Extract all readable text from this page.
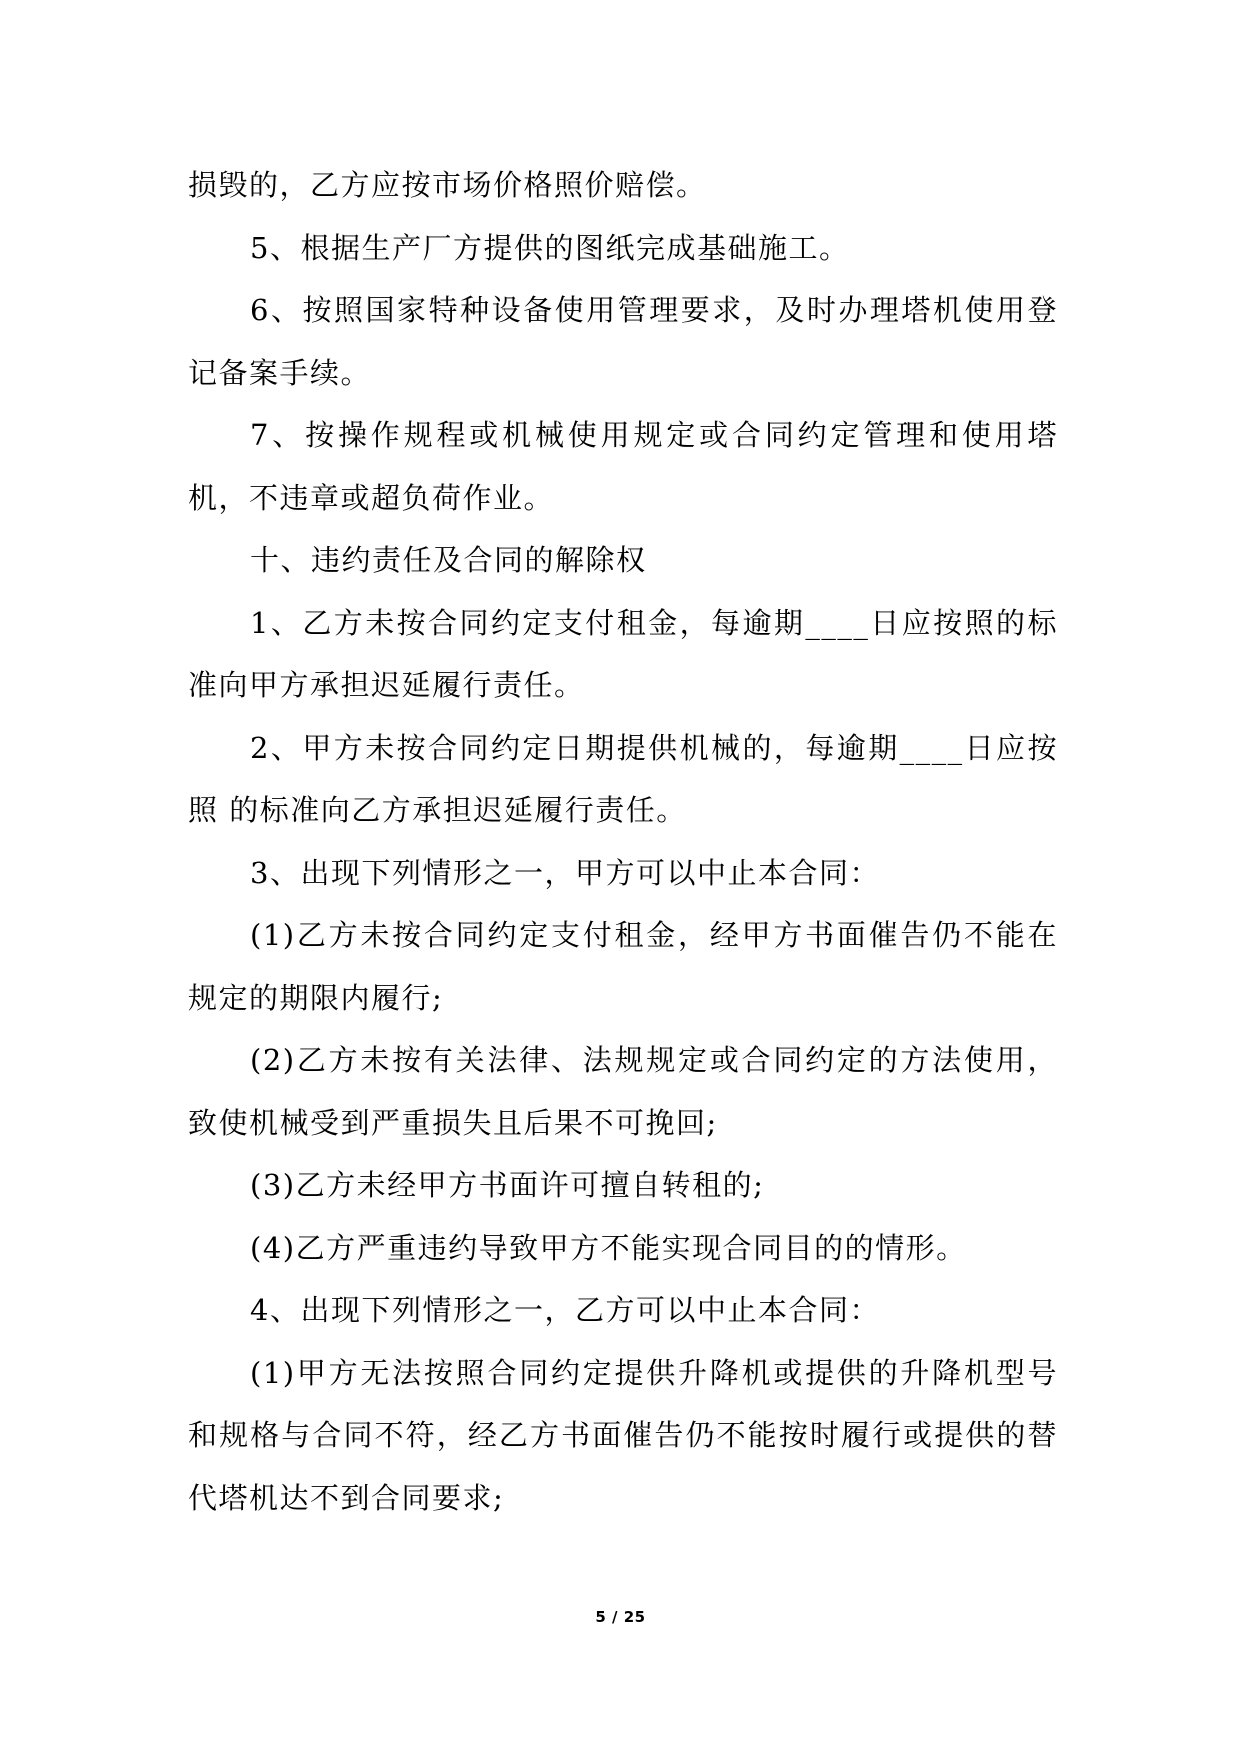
损毁的，乙方应按市场价格照价赔偿。

5、根据生产厂方提供的图纸完成基础施工。

6、按照国家特种设备使用管理要求，及时办理塔机使用登记备案手续。

7、按操作规程或机械使用规定或合同约定管理和使用塔机，不违章或超负荷作业。

十、违约责任及合同的解除权

1、乙方未按合同约定支付租金，每逾期____日应按照的标准向甲方承担迟延履行责任。

2、甲方未按合同约定日期提供机械的，每逾期____日应按照 的标准向乙方承担迟延履行责任。

3、出现下列情形之一，甲方可以中止本合同：

(1)乙方未按合同约定支付租金，经甲方书面催告仍不能在规定的期限内履行;

(2)乙方未按有关法律、法规规定或合同约定的方法使用，致使机械受到严重损失且后果不可挽回;

(3)乙方未经甲方书面许可擅自转租的;

(4)乙方严重违约导致甲方不能实现合同目的的情形。

4、出现下列情形之一，乙方可以中止本合同：

(1)甲方无法按照合同约定提供升降机或提供的升降机型号和规格与合同不符，经乙方书面催告仍不能按时履行或提供的替代塔机达不到合同要求;

5 / 25
